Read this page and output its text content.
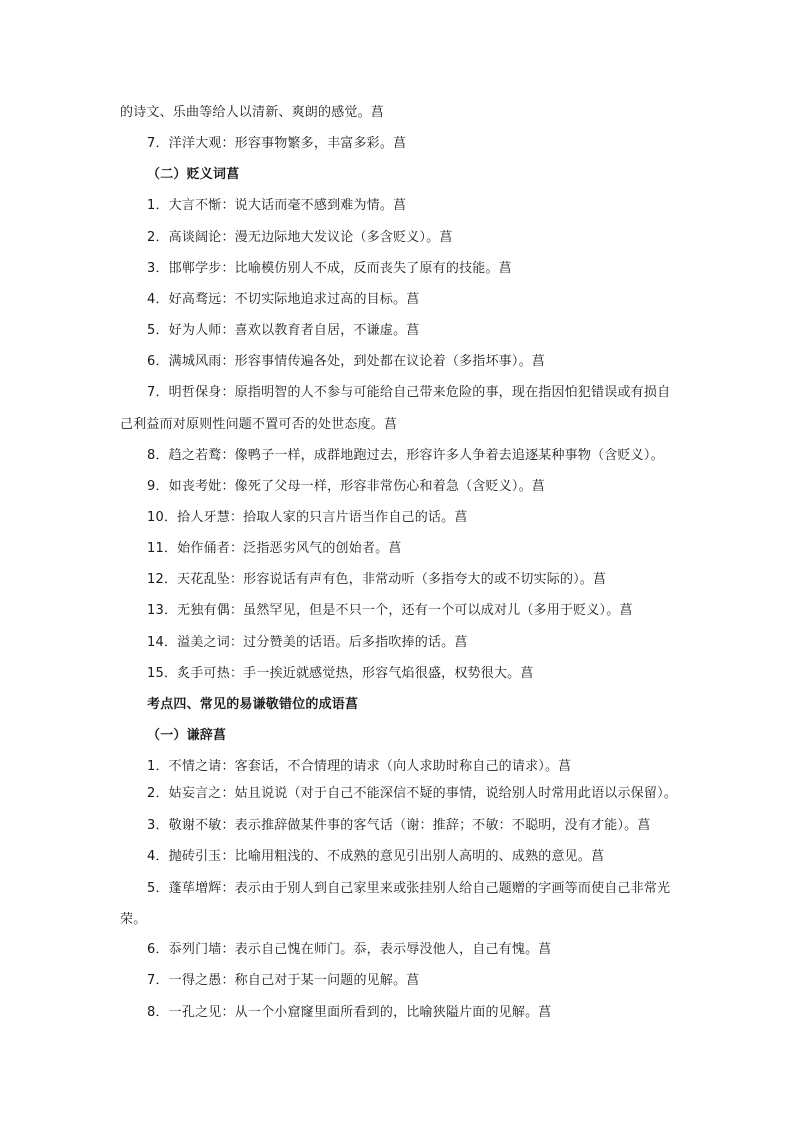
的诗文、乐曲等给人以清新、爽朗的感觉。菖
7．洋洋大观：形容事物繁多，丰富多彩。菖
（二）贬义词菖
1．大言不惭：说大话而毫不感到难为情。菖
2．高谈阔论：漫无边际地大发议论（多含贬义）。菖
3．邯郸学步：比喻模仿别人不成，反而丧失了原有的技能。菖
4．好高骛远：不切实际地追求过高的目标。菖
5．好为人师：喜欢以教育者自居，不谦虚。菖
6．满城风雨：形容事情传遍各处，到处都在议论着（多指坏事）。菖
7．明哲保身：原指明智的人不参与可能给自己带来危险的事，现在指因怕犯错误或有损自
己利益而对原则性问题不置可否的处世态度。菖
8．趋之若鹜：像鸭子一样，成群地跑过去，形容许多人争着去追逐某种事物（含贬义）。
9．如丧考妣：像死了父母一样，形容非常伤心和着急（含贬义）。菖
10．拾人牙慧：拾取人家的只言片语当作自己的话。菖
11．始作俑者：泛指恶劣风气的创始者。菖
12．天花乱坠：形容说话有声有色，非常动听（多指夸大的或不切实际的）。菖
13．无独有偶：虽然罕见，但是不只一个，还有一个可以成对儿（多用于贬义）。菖
14．溢美之词：过分赞美的话语。后多指吹捧的话。菖
15．炙手可热：手一挨近就感觉热，形容气焰很盛，权势很大。菖
考点四、常见的易谦敬错位的成语菖
（一）谦辞菖
1．不情之请：客套话，不合情理的请求（向人求助时称自己的请求）。菖
2．姑妄言之：姑且说说（对于自己不能深信不疑的事情，说给别人时常用此语以示保留）。
3．敬谢不敏：表示推辞做某件事的客气话（谢：推辞；不敏：不聪明，没有才能）。菖
4．抛砖引玉：比喻用粗浅的、不成熟的意见引出别人高明的、成熟的意见。菖
5．蓬荜增辉：表示由于别人到自己家里来或张挂别人给自己题赠的字画等而使自己非常光
荣。
6．忝列门墙：表示自己愧在师门。忝，表示辱没他人，自己有愧。菖
7．一得之愚：称自己对于某一问题的见解。菖
8．一孔之见：从一个小窟窿里面所看到的，比喻狭隘片面的见解。菖
